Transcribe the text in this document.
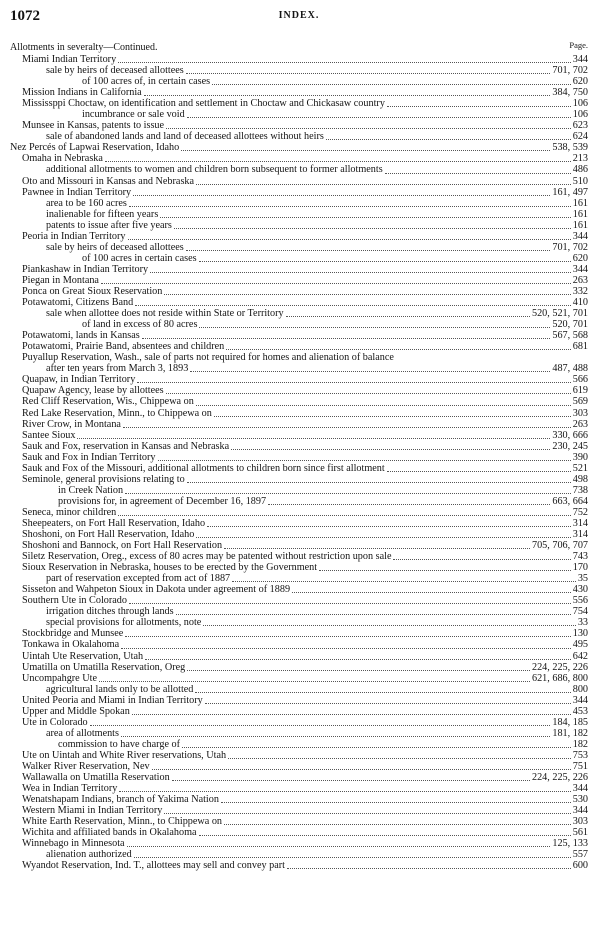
1072	INDEX.
Allotments in severalty—Continued.	Page.
Miami Indian Territory	344
sale by heirs of deceased allottees	701, 702
of 100 acres of, in certain cases	620
Mission Indians in California	384, 750
Mississppi Choctaw, on identification and settlement in Choctaw and Chickasaw country	106
incumbrance or sale void	106
Munsee in Kansas, patents to issue	623
sale of abandoned lands and land of deceased allottees without heirs	624
Nez Percés of Lapwai Reservation, Idaho	538, 539
Omaha in Nebraska	213
additional allotments to women and children born subsequent to former allotments	486
Oto and Missouri in Kansas and Nebraska	510
Pawnee in Indian Territory	161, 497
area to be 160 acres	161
inalienable for fifteen years	161
patents to issue after five years	161
Peoria in Indian Territory	344
sale by heirs of deceased allottees	701, 702
of 100 acres in certain cases	620
Piankashaw in Indian Territory	344
Piegan in Montana	263
Ponca on Great Sioux Reservation	332
Potawatomi, Citizens Band	410
sale when allottee does not reside within State or Territory	520, 521, 701
of land in excess of 80 acres	520, 701
Potawatomi, lands in Kansas	567, 568
Potawatomi, Prairie Band, absentees and children	681
Puyallup Reservation, Wash., sale of parts not required for homes and alienation of balance
after ten years from March 3, 1893	487, 488
Quapaw, in Indian Territory	566
Quapaw Agency, lease by allottees	619
Red Cliff Reservation, Wis., Chippewa on	569
Red Lake Reservation, Minn., to Chippewa on	303
River Crow, in Montana	263
Santee Sioux	330, 666
Sauk and Fox, reservation in Kansas and Nebraska	230, 245
Sauk and Fox in Indian Territory	390
Sauk and Fox of the Missouri, additional allotments to children born since first allotment	521
Seminole, general provisions relating to	498
in Creek Nation	738
provisions for, in agreement of December 16, 1897	663, 664
Seneca, minor children	752
Sheepeaters, on Fort Hall Reservation, Idaho	314
Shoshoni, on Fort Hall Reservation, Idaho	314
Shoshoni and Bannock, on Fort Hall Reservation	705, 706, 707
Siletz Reservation, Oreg., excess of 80 acres may be patented without restriction upon sale	743
Sioux Reservation in Nebraska, houses to be erected by the Government	170
part of reservation excepted from act of 1887	35
Sisseton and Wahpeton Sioux in Dakota under agreement of 1889	430
Southern Ute in Colorado	556
irrigation ditches through lands	754
special provisions for allotments, note	33
Stockbridge and Munsee	130
Tonkawa in Okalahoma	495
Uintah Ute Reservation, Utah	642
Umatilla on Umatilla Reservation, Oreg	224, 225, 226
Uncompahgre Ute	621, 686, 800
agricultural lands only to be allotted	800
United Peoria and Miami in Indian Territory	344
Upper and Middle Spokan	453
Ute in Colorado	184, 185
area of allotments	181, 182
commission to have charge of	182
Ute on Uintah and White River reservations, Utah	753
Walker River Reservation, Nev	751
Wallawalla on Umatilla Reservation	224, 225, 226
Wea in Indian Territory	344
Wenatshapam Indians, branch of Yakima Nation	530
Western Miami in Indian Territory	344
White Earth Reservation, Minn., to Chippewa on	303
Wichita and affiliated bands in Okalahoma	561
Winnebago in Minnesota	125, 133
alienation authorized	557
Wyandot Reservation, Ind. T., allottees may sell and convey part	600
